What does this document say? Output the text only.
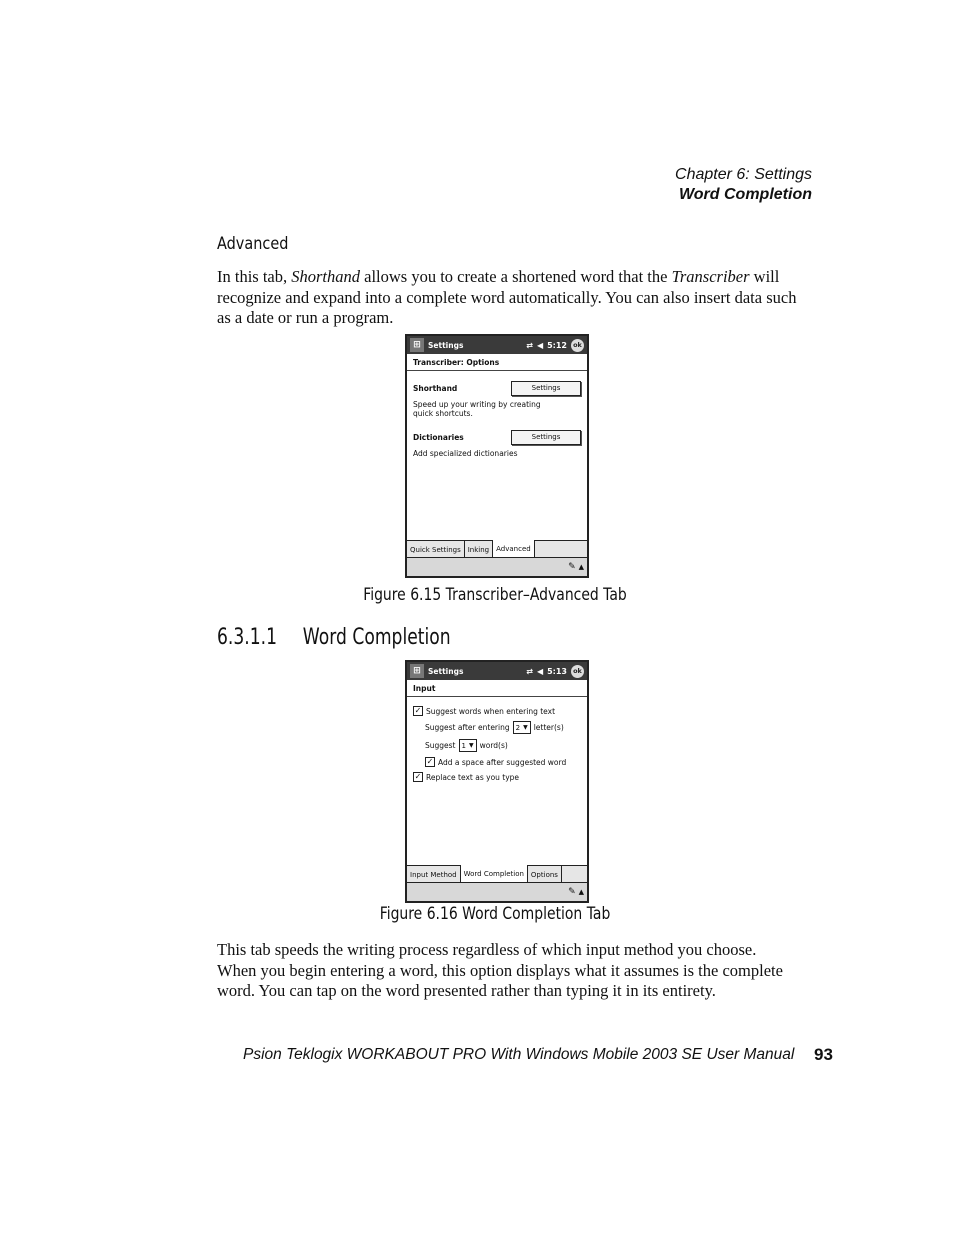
Chapter 6: Settings
Word Completion
Advanced
In this tab, Shorthand allows you to create a shortened word that the Transcriber will recognize and expand into a complete word automatically. You can also insert data such as a date or run a program.
⊞ Settings	⇄ ◀ 5:12 ok
Transcriber: Options
Shorthand	Settings
Speed up your writing by creating quick shortcuts.
Dictionaries	Settings
Add specialized dictionaries
Quick Settings	Inking	Advanced
✎ ▲
Figure 6.15 Transcriber–Advanced Tab
6.3.1.1 Word Completion
⊞ Settings	⇄ ◀ 5:13 ok
Input
✓ Suggest words when entering text
Suggest after entering 2 ▼ letter(s)
Suggest 1 ▼ word(s)
✓ Add a space after suggested word
✓ Replace text as you type
Input Method	Word Completion	Options
✎ ▲
Figure 6.16 Word Completion Tab
This tab speeds the writing process regardless of which input method you choose. When you begin entering a word, this option displays what it assumes is the complete word. You can tap on the word presented rather than typing it in its entirety.
Psion Teklogix WORKABOUT PRO With Windows Mobile 2003 SE User Manual 93
